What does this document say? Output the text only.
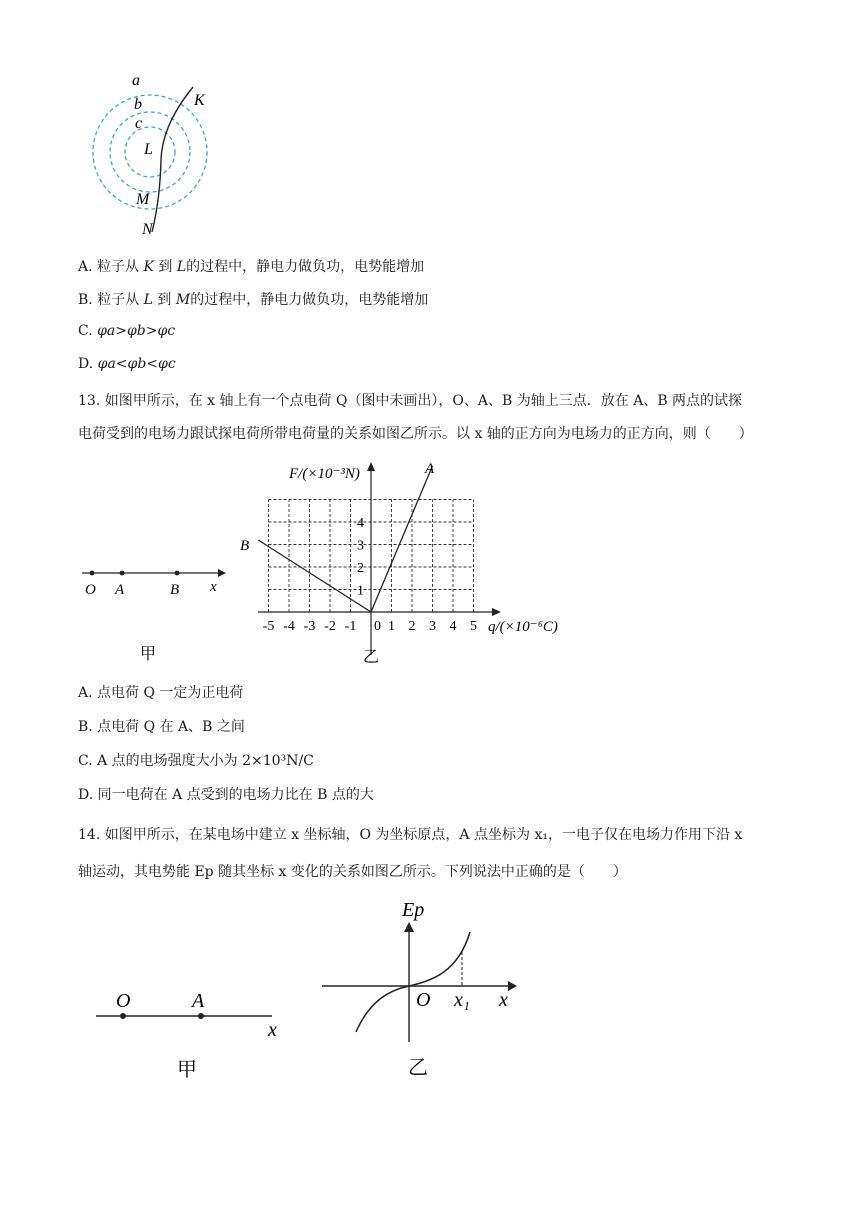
a
b
c
L
K
M
N
A. 粒子从 K 到 L的过程中，静电力做负功，电势能增加
B. 粒子从 L 到 M的过程中，静电力做负功，电势能增加
C. φa>φb>φc
D. φa<φb<φc
13. 如图甲所示，在 x 轴上有一个点电荷 Q（图中未画出），O、A、B 为轴上三点．放在 A、B 两点的试探
电荷受到的电场力跟试探电荷所带电荷量的关系如图乙所示。以 x 轴的正方向为电场力的正方向，则（　　）
O A	B x
甲
F/(×10⁻³N)
q/(×10⁻⁶C)
A
B
1
2
3
4
-5 -4 -3 -2 -1 0 1 2 3 4 5
乙
A. 点电荷 Q 一定为正电荷
B. 点电荷 Q 在 A、B 之间
C. A 点的电场强度大小为 2×10³N/C
D. 同一电荷在 A 点受到的电场力比在 B 点的大
14. 如图甲所示，在某电场中建立 x 坐标轴，O 为坐标原点，A 点坐标为 x₁，一电子仅在电场力作用下沿 x
轴运动，其电势能 Ep 随其坐标 x 变化的关系如图乙所示。下列说法中正确的是（　　）
O	A
x
甲
Ep
O x₁ x
乙
